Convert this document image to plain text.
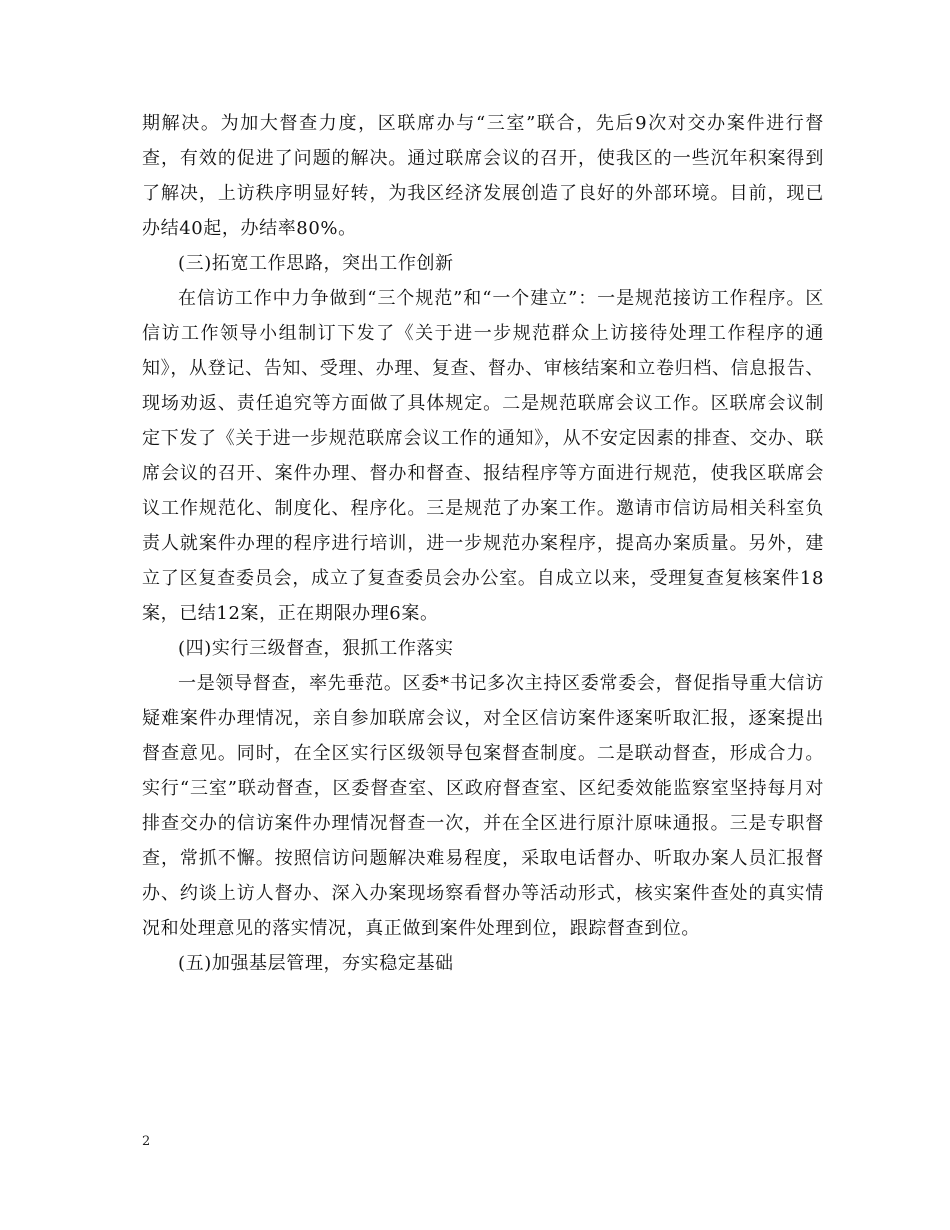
期解决。为加大督查力度，区联席办与“三室”联合，先后9次对交办案件进行督查，有效的促进了问题的解决。通过联席会议的召开，使我区的一些沉年积案得到了解决，上访秩序明显好转，为我区经济发展创造了良好的外部环境。目前，现已办结40起，办结率80%。

(三)拓宽工作思路，突出工作创新

在信访工作中力争做到“三个规范”和“一个建立”：一是规范接访工作程序。区信访工作领导小组制订下发了《关于进一步规范群众上访接待处理工作程序的通知》，从登记、告知、受理、办理、复查、督办、审核结案和立卷归档、信息报告、现场劝返、责任追究等方面做了具体规定。二是规范联席会议工作。区联席会议制定下发了《关于进一步规范联席会议工作的通知》，从不安定因素的排查、交办、联席会议的召开、案件办理、督办和督查、报结程序等方面进行规范，使我区联席会议工作规范化、制度化、程序化。三是规范了办案工作。邀请市信访局相关科室负责人就案件办理的程序进行培训，进一步规范办案程序，提高办案质量。另外，建立了区复查委员会，成立了复查委员会办公室。自成立以来，受理复查复核案件18案，已结12案，正在期限办理6案。

(四)实行三级督查，狠抓工作落实

一是领导督查，率先垂范。区委*书记多次主持区委常委会，督促指导重大信访疑难案件办理情况，亲自参加联席会议，对全区信访案件逐案听取汇报，逐案提出督查意见。同时，在全区实行区级领导包案督查制度。二是联动督查，形成合力。实行“三室”联动督查，区委督查室、区政府督查室、区纪委效能监察室坚持每月对排查交办的信访案件办理情况督查一次，并在全区进行原汁原味通报。三是专职督查，常抓不懈。按照信访问题解决难易程度，采取电话督办、听取办案人员汇报督办、约谈上访人督办、深入办案现场察看督办等活动形式，核实案件查处的真实情况和处理意见的落实情况，真正做到案件处理到位，跟踪督查到位。

(五)加强基层管理，夯实稳定基础

2
